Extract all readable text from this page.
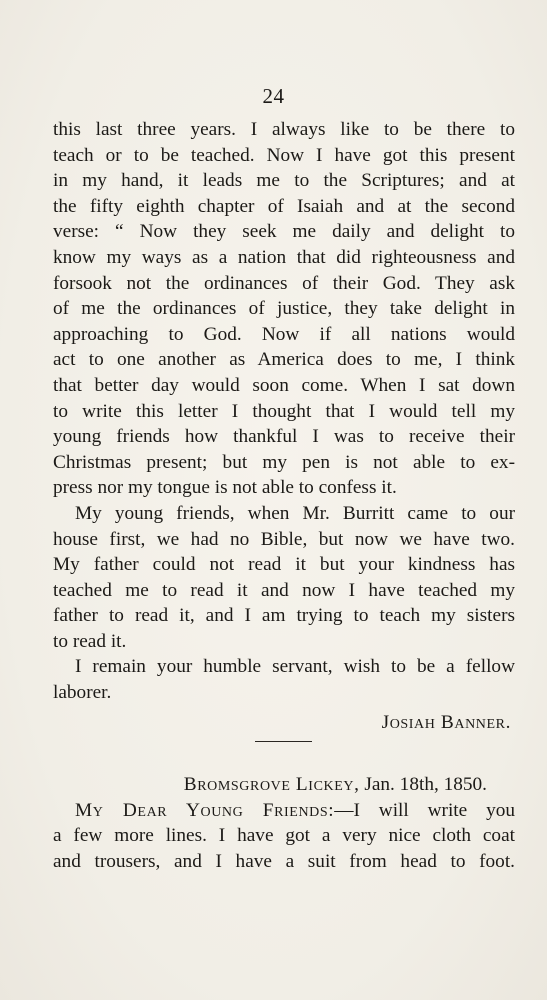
24
this last three years. I always like to be there to
teach or to be teached. Now I have got this present
in my hand, it leads me to the Scriptures; and at
the fifty eighth chapter of Isaiah and at the second
verse: “ Now they seek me daily and delight to
know my ways as a nation that did righteousness and
forsook not the ordinances of their God. They ask
of me the ordinances of justice, they take delight in
approaching to God. Now if all nations would
act to one another as America does to me, I think
that better day would soon come. When I sat down
to write this letter I thought that I would tell my
young friends how thankful I was to receive their
Christmas present; but my pen is not able to ex-
press nor my tongue is not able to confess it.
My young friends, when Mr. Burritt came to our
house first, we had no Bible, but now we have two.
My father could not read it but your kindness has
teached me to read it and now I have teached my
father to read it, and I am trying to teach my sisters
to read it.
I remain your humble servant, wish to be a fellow
laborer.
Josiah Banner.
Bromsgrove Lickey, Jan. 18th, 1850.
My Dear Young Friends:—I will write you
a few more lines. I have got a very nice cloth coat
and trousers, and I have a suit from head to foot.
